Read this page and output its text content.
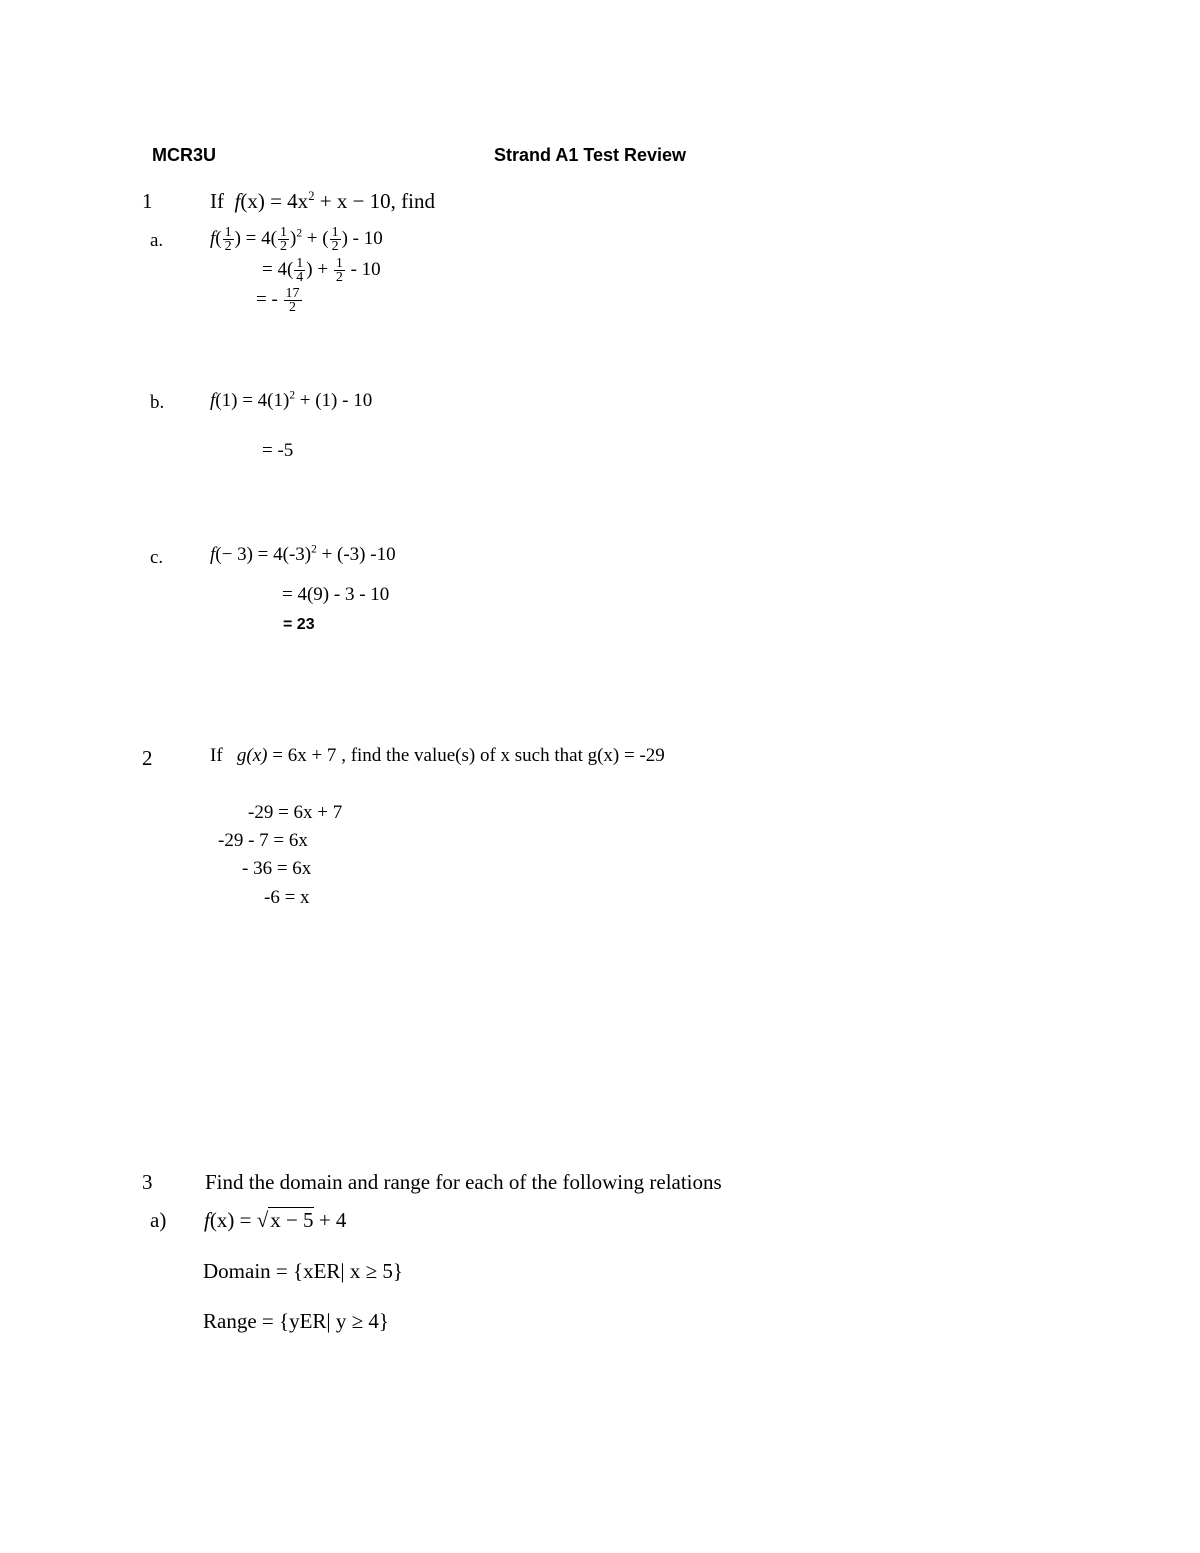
MCR3U	Strand A1 Test Review
1	If $f(x) = 4x^2 + x - 10$, find
a. $f( \frac{1}{2}$ ) = $4( \frac{1}{2} )^2$ + ( $\frac{1}{2}$ ) - 10
= $4( \frac{1}{4}$ ) + $\frac{1}{2} - 10$
= - $\frac{17}{2}$
b. $f(1) = 4(1)^2 + (1) - 10$
= -5
c. $f(- 3) = 4(-3)^2 + (-3)$ -10
= 4(9) - 3 - 10
= 23
2	If g(x) = 6x + 7 , find the value(s) of x such that g(x) = -29
-29 = 6x + 7
-29 - 7 = 6x
- 36 = 6x
-6 = x
3	Find the domain and range for each of the following relations
a) f(x) = √x − 5 + 4
Domain = {xER| x ≥ 5}
Range = {yER| y ≥ 4}
